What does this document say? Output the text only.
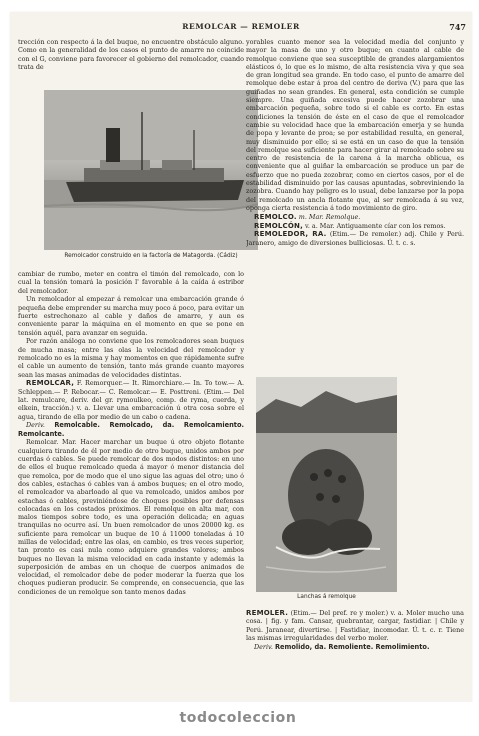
REMOLCAR — REMOLER	747

trección con respecto á la del buque, no encuentre obstáculo alguno. Como en la generalidad de los casos el punto de amarre no coincide con el G, conviene para favorecer el gobierno del remolcador, cuando trata de

Remolcador construido en la factoría de Matagorda. (Cádiz)

cambiar de rumbo, meter en contra el timón del remolcado, con lo cual la tensión tomará la posición l' favorable á la caída á estribor del remolcador.

Un remolcador al empezar á remolcar una embarcación grande ó pequeña debe emprender su marcha muy poco á poco, para evitar un fuerte estrechonazo al cable y daños de amarre, y aun es conveniente parar la máquina en el momento en que se pone en tensión aquél, para avanzar en seguida.

Por razón análoga no conviene que los remolcadores sean buques de mucha masa; entre las olas la velocidad del remolcador y remolcado no es la misma y hay momentos en que rápidamente sufre el cable un aumento de tensión, tanto más grande cuanto mayores sean las masas animadas de velocidades distintas.

REMOLCAR, F. Remorquer.— It. Rimorchiare.— In. To tow.— A. Schleppen.— P. Rebocar.— C. Remolcar.— E. Posttreni. (Etim.— Del lat. remulcare, deriv. del gr. rymoulkeo, comp. de ryma, cuerda, y elkein, tracción.) v. a. Llevar una embarcación ú otra cosa sobre el agua, tirando de ella por medio de un cabo o cadena.

Deriv. Remolcable. Remolcado, da. Remolcamiento. Remolcante.

Remolcar. Mar. Hacer marchar un buque ú otro objeto flotante cualquiera tirando de él por medio de otro buque, unidos ambos por cuerdas ó cables. Se puede remolcar de dos modos distintos: en uno de ellos el buque remolcado queda á mayor ó menor distancia del que remolca, por de modo que el uno sigue las aguas del otro; uno ó dos cables, estachas ó cables van á ambos buques; en el otro modo, el remolcador va abarloado al que va remolcado, unidos ambos por estachas ó cables, previniéndose de choques posibles por defensas colocadas en los costados próximos. El remolque en alta mar, con malos tiempos sobre todo, es una operación delicada; en aguas tranquilas no ocurre así. Un buen remolcador de unos 20000 kg. es suficiente para remolcar un buque de 10 á 11000 toneladas á 10 millas de velocidad; entre las olas, en cambio, es tres veces superior, tan pronto es casi nula como adquiere grandes valores; ambos buques no llevan la misma velocidad en cada instante y además la superposición de ambas en un choque de cuerpos animados de velocidad, el remolcador debe de poder moderar la fuerza que los choques pudieran producir. Se comprende, en consecuencia, que las condiciones de un remolque son tanto menos dadas

yorables cuanto menor sea la velocidad media del conjunto y mayor la masa de uno y otro buque; en cuanto al cable de remolque conviene que sea susceptible de grandes alargamientos elásticos ó, lo que es lo mismo, de alta resistencia viva y que sea de gran longitud sea grande. En todo caso, el punto de amarre del remolque debe estar á proa del centro de deriva (V.) para que las guiñadas no sean grandes. En general, esta condición se cumple siempre. Una guiñada excesiva puede hacer zozobrar una embarcación pequeña, sobre todo si el cable es corto. En estas condiciones la tensión de éste en el caso de que el remolcador cambie su velocidad hace que la embarcación emerja y se hunda de popa y levante de proa; se por estabilidad resulta, en general, muy disminuido por ello; si se está en un caso de que la tensión del remolque sea suficiente para hacer girar al remolcado sobre su centro de resistencia de la carena á la marcha oblicua, es conveniente que al guiñar la embarcación se produce un par de esfuerzo que no pueda zozobrar, como en ciertos casos, por el de estabilidad disminuido por las causas apuntadas, sobreviniendo la zozobra. Cuando hay peligro es lo usual, debe lanzarse por la popa del remolcado un ancla flotante que, al ser remolcada á su vez, oponga cierta resistencia á todo movimiento de giro.

REMOLCO. m. Mar. Remolque.

REMOLCÓN, v. a. Mar. Antiguamente cíar con los remos.

REMOLEDOR, RA. (Etim.— De remoler.) adj. Chile y Perú. Jaranero, amigo de diversiones bulliciosas. Ú. t. c. s.

Lanchas á remolque

REMOLER. (Etim.— Del pref. re y moler.) v. a. Moler mucho una cosa. | fig. y fam. Cansar, quebrantar, cargar, fastidiar. | Chile y Perú. Jaranear, divertirse. | Fastidiar, incomodar. Ú. t. c. r. Tiene las mismas irregularidades del verbo moler.

Deriv. Remolido, da. Remoliente. Remolimiento.

todocoleccion
